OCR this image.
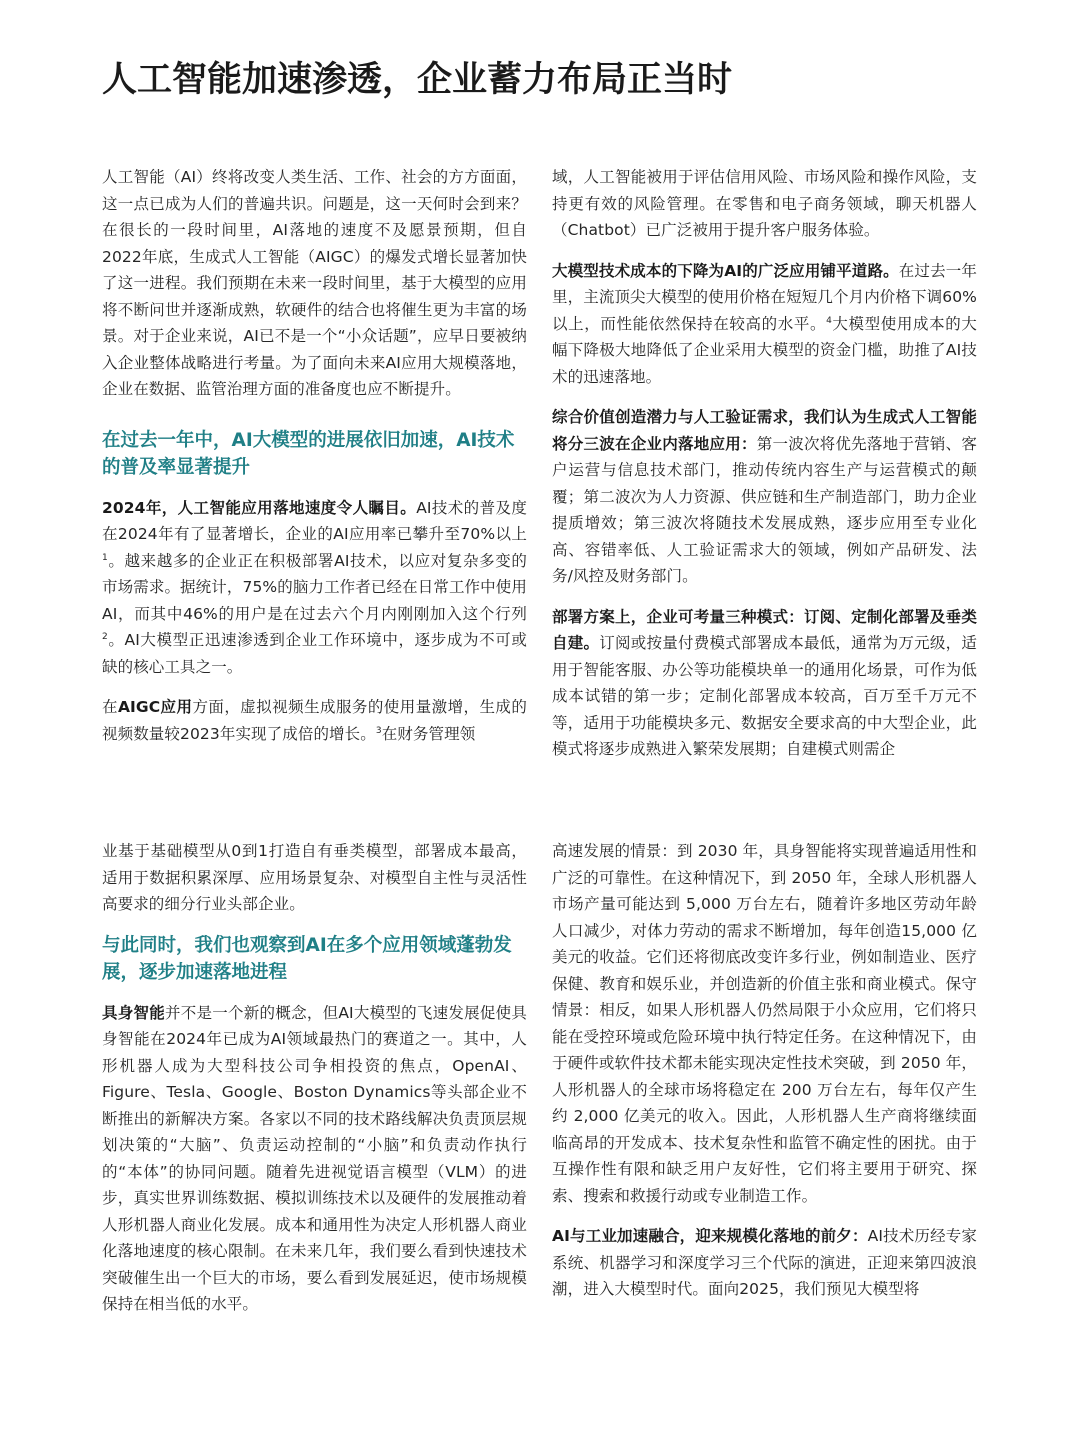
人工智能加速渗透，企业蓄力布局正当时

人工智能（AI）终将改变人类生活、工作、社会的方方面面，这一点已成为人们的普遍共识。问题是，这一天何时会到来？在很长的一段时间里，AI落地的速度不及愿景预期，但自2022年底，生成式人工智能（AIGC）的爆发式增长显著加快了这一进程。我们预期在未来一段时间里，基于大模型的应用将不断问世并逐渐成熟，软硬件的结合也将催生更为丰富的场景。对于企业来说，AI已不是一个“小众话题”，应早日要被纳入企业整体战略进行考量。为了面向未来AI应用大规模落地，企业在数据、监管治理方面的准备度也应不断提升。

在过去一年中，AI大模型的进展依旧加速，AI技术的普及率显著提升

2024年，人工智能应用落地速度令人瞩目。AI技术的普及度在2024年有了显著增长，企业的AI应用率已攀升至70%以上$^1$。越来越多的企业正在积极部署AI技术，以应对复杂多变的市场需求。据统计，75%的脑力工作者已经在日常工作中使用AI，而其中46%的用户是在过去六个月内刚刚加入这个行列$^2$。AI大模型正迅速渗透到企业工作环境中，逐步成为不可或缺的核心工具之一。

在AIGC应用方面，虚拟视频生成服务的使用量激增，生成的视频数量较2023年实现了成倍的增长。$^3$在财务管理领

域，人工智能被用于评估信用风险、市场风险和操作风险，支持更有效的风险管理。在零售和电子商务领域，聊天机器人（Chatbot）已广泛被用于提升客户服务体验。

大模型技术成本的下降为AI的广泛应用铺平道路。在过去一年里，主流顶尖大模型的使用价格在短短几个月内价格下调60%以上，而性能依然保持在较高的水平。$^4$大模型使用成本的大幅下降极大地降低了企业采用大模型的资金门槛，助推了AI技术的迅速落地。

综合价值创造潜力与人工验证需求，我们认为生成式人工智能将分三波在企业内落地应用：第一波次将优先落地于营销、客户运营与信息技术部门，推动传统内容生产与运营模式的颠覆；第二波次为人力资源、供应链和生产制造部门，助力企业提质增效；第三波次将随技术发展成熟，逐步应用至专业化高、容错率低、人工验证需求大的领域，例如产品研发、法务/风控及财务部门。

部署方案上，企业可考量三种模式：订阅、定制化部署及垂类自建。订阅或按量付费模式部署成本最低，通常为万元级，适用于智能客服、办公等功能模块单一的通用化场景，可作为低成本试错的第一步；定制化部署成本较高，百万至千万元不等，适用于功能模块多元、数据安全要求高的中大型企业，此模式将逐步成熟进入繁荣发展期；自建模式则需企

业基于基础模型从0到1打造自有垂类模型，部署成本最高，适用于数据积累深厚、应用场景复杂、对模型自主性与灵活性高要求的细分行业头部企业。

与此同时，我们也观察到AI在多个应用领域蓬勃发展，逐步加速落地进程

具身智能并不是一个新的概念，但AI大模型的飞速发展促使具身智能在2024年已成为AI领域最热门的赛道之一。其中，人形机器人成为大型科技公司争相投资的焦点，OpenAI、Figure、Tesla、Google、Boston Dynamics等头部企业不断推出的新解决方案。各家以不同的技术路线解决负责顶层规划决策的“大脑”、负责运动控制的“小脑”和负责动作执行的“本体”的协同问题。随着先进视觉语言模型（VLM）的进步，真实世界训练数据、模拟训练技术以及硬件的发展推动着人形机器人商业化发展。成本和通用性为决定人形机器人商业化落地速度的核心限制。在未来几年，我们要么看到快速技术突破催生出一个巨大的市场，要么看到发展延迟，使市场规模保持在相当低的水平。

高速发展的情景：到 2030 年，具身智能将实现普遍适用性和广泛的可靠性。在这种情况下，到 2050 年，全球人形机器人市场产量可能达到 5,000 万台左右，随着许多地区劳动年龄人口减少，对体力劳动的需求不断增加，每年创造15,000 亿美元的收益。它们还将彻底改变许多行业，例如制造业、医疗保健、教育和娱乐业，并创造新的价值主张和商业模式。保守情景：相反，如果人形机器人仍然局限于小众应用，它们将只能在受控环境或危险环境中执行特定任务。在这种情况下，由于硬件或软件技术都未能实现决定性技术突破，到 2050 年，人形机器人的全球市场将稳定在 200 万台左右，每年仅产生约 2,000 亿美元的收入。因此，人形机器人生产商将继续面临高昂的开发成本、技术复杂性和监管不确定性的困扰。由于互操作性有限和缺乏用户友好性，它们将主要用于研究、探索、搜索和救援行动或专业制造工作。

AI与工业加速融合，迎来规模化落地的前夕：AI技术历经专家系统、机器学习和深度学习三个代际的演进，正迎来第四波浪潮，进入大模型时代。面向2025，我们预见大模型将
